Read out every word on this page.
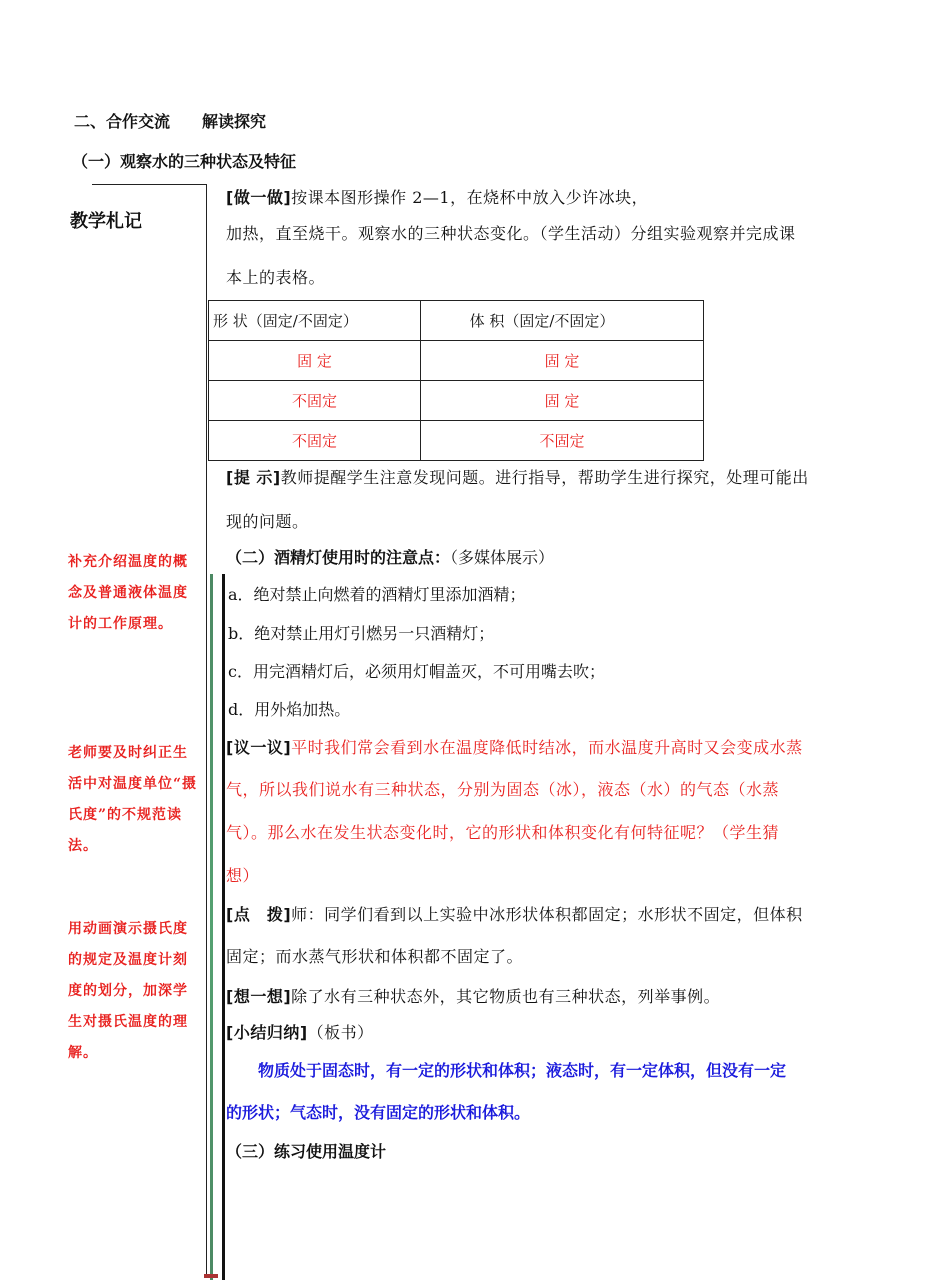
二、合作交流　　解读探究
（一）观察水的三种状态及特征
教学札记
[做一做]按课本图形操作 2—1，在烧杯中放入少许冰块，
加热，直至烧干。观察水的三种状态变化。（学生活动）分组实验观察并完成课
本上的表格。
形 状（固定/不固定）	体 积（固定/不固定）
固 定	固 定
不固定	固 定
不固定	不固定
[提 示]教师提醒学生注意发现问题。进行指导，帮助学生进行探究，处理可能出
现的问题。
（二）酒精灯使用时的注意点：（多媒体展示）
a．绝对禁止向燃着的酒精灯里添加酒精；
b．绝对禁止用灯引燃另一只酒精灯；
c．用完酒精灯后，必须用灯帽盖灭，不可用嘴去吹；
d．用外焰加热。
[议一议]平时我们常会看到水在温度降低时结冰，而水温度升高时又会变成水蒸
气，所以我们说水有三种状态，分别为固态（冰），液态（水）的气态（水蒸
气）。那么水在发生状态变化时，它的形状和体积变化有何特征呢？（学生猜
想）
[点　拨]师：同学们看到以上实验中冰形状体积都固定；水形状不固定，但体积
固定；而水蒸气形状和体积都不固定了。
[想一想]除了水有三种状态外，其它物质也有三种状态，列举事例。
[小结归纳]（板书）
物质处于固态时，有一定的形状和体积；液态时，有一定体积，但没有一定
的形状；气态时，没有固定的形状和体积。
（三）练习使用温度计
补充介绍温度的概念及普通液体温度计的工作原理。
老师要及时纠正生活中对温度单位“摄氏度”的不规范读法。
用动画演示摄氏度的规定及温度计刻度的划分，加深学生对摄氏温度的理解。
